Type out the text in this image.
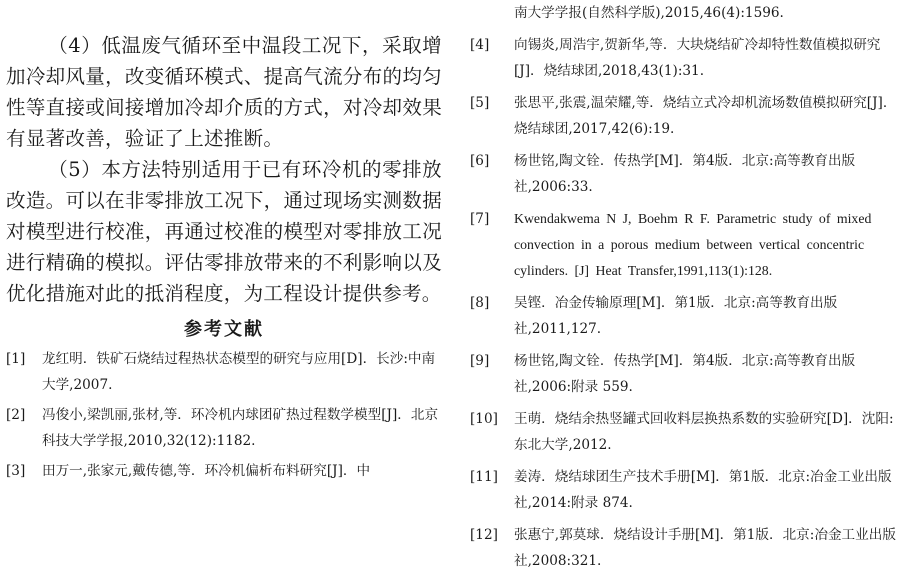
（4）低温废气循环至中温段工况下，采取增加冷却风量，改变循环模式、提高气流分布的均匀性等直接或间接增加冷却介质的方式，对冷却效果有显著改善，验证了上述推断。

（5）本方法特别适用于已有环冷机的零排放改造。可以在非零排放工况下，通过现场实测数据对模型进行校准，再通过校准的模型对零排放工况进行精确的模拟。评估零排放带来的不利影响以及优化措施对此的抵消程度，为工程设计提供参考。

参考文献
[1] 龙红明．铁矿石烧结过程热状态模型的研究与应用[D]．长沙:中南大学,2007.
[2] 冯俊小,梁凯丽,张材,等．环冷机内球团矿热过程数学模型[J]．北京科技大学学报,2010,32(12):1182.
[3] 田万一,张家元,戴传德,等．环冷机偏析布料研究[J]．中
南大学学报(自然科学版),2015,46(4):1596.
[4] 向锡炎,周浩宇,贺新华,等．大块烧结矿冷却特性数值模拟研究[J]．烧结球团,2018,43(1):31.
[5] 张思平,张震,温荣耀,等．烧结立式冷却机流场数值模拟研究[J]．烧结球团,2017,42(6):19.
[6] 杨世铭,陶文铨．传热学[M]．第4版．北京:高等教育出版社,2006:33.
[7] Kwendakwema N J, Boehm R F. Parametric study of mixed convection in a porous medium between vertical concentric cylinders. [J] Heat Transfer,1991,113(1):128.
[8] 吴铿．冶金传输原理[M]．第1版．北京:高等教育出版社,2011,127.
[9] 杨世铭,陶文铨．传热学[M]．第4版．北京:高等教育出版社,2006:附录 559.
[10] 王萌．烧结余热竖罐式回收料层换热系数的实验研究[D]．沈阳:东北大学,2012.
[11] 姜涛．烧结球团生产技术手册[M]．第1版．北京:冶金工业出版社,2014:附录 874.
[12] 张惠宁,郭莫球．烧结设计手册[M]．第1版．北京:冶金工业出版社,2008:321.
